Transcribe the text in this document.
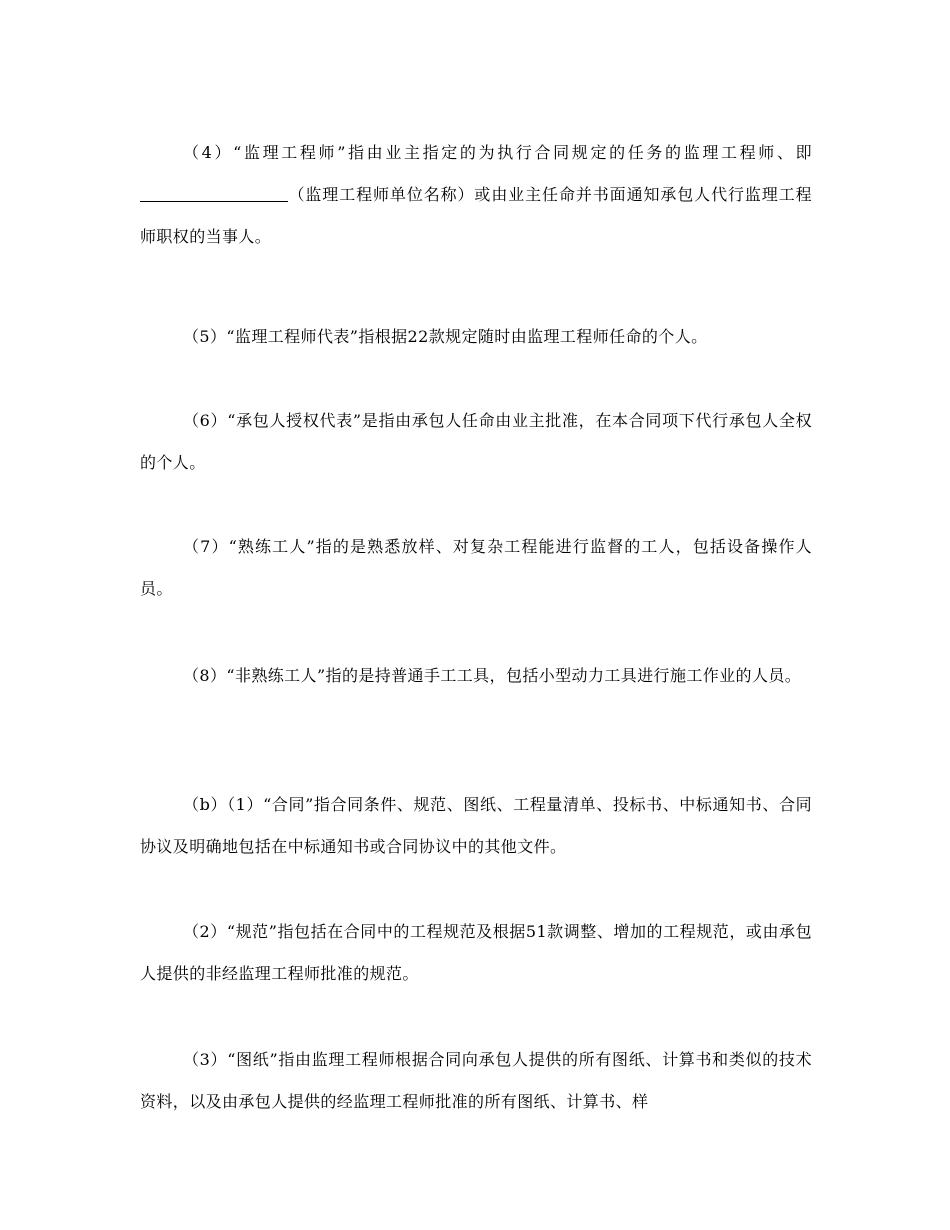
（4）“监理工程师”指由业主指定的为执行合同规定的任务的监理工程师、即（监理工程师单位名称）或由业主任命并书面通知承包人代行监理工程师职权的当事人。

（5）“监理工程师代表”指根据22款规定随时由监理工程师任命的个人。

（6）“承包人授权代表”是指由承包人任命由业主批准，在本合同项下代行承包人全权的个人。

（7）“熟练工人”指的是熟悉放样、对复杂工程能进行监督的工人，包括设备操作人员。

（8）“非熟练工人”指的是持普通手工工具，包括小型动力工具进行施工作业的人员。

（b）（1）“合同”指合同条件、规范、图纸、工程量清单、投标书、中标通知书、合同协议及明确地包括在中标通知书或合同协议中的其他文件。

（2）“规范”指包括在合同中的工程规范及根据51款调整、增加的工程规范，或由承包人提供的非经监理工程师批准的规范。

（3）“图纸”指由监理工程师根据合同向承包人提供的所有图纸、计算书和类似的技术资料，以及由承包人提供的经监理工程师批准的所有图纸、计算书、样
